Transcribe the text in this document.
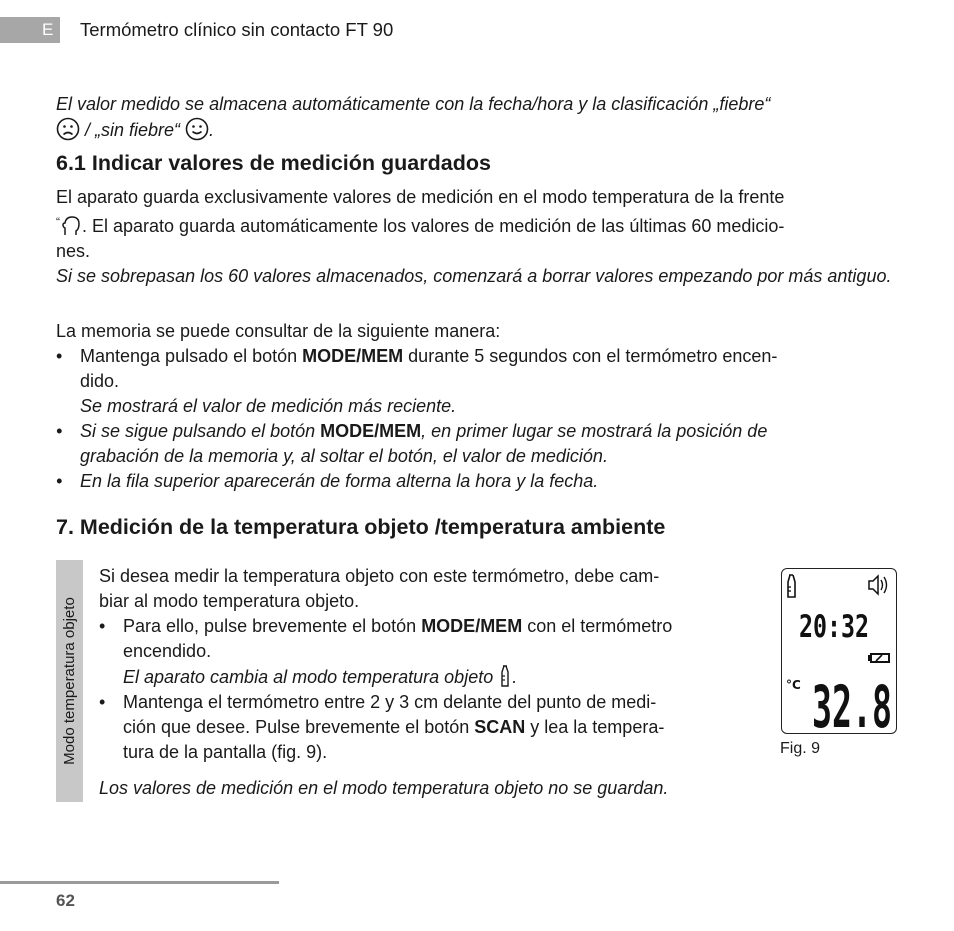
E	Termómetro clínico sin contacto FT 90
El valor medido se almacena automáticamente con la fecha/hora y la clasificación „fiebre“
/ „sin fiebre“ .
6.1 Indicar valores de medición guardados
El aparato guarda exclusivamente valores de medición en el modo temperatura de la frente
“ . El aparato guarda automáticamente los valores de medición de las últimas 60 medicio-
nes.
Si se sobrepasan los 60 valores almacenados, comenzará a borrar valores empezando por más antiguo.
La memoria se puede consultar de la siguiente manera:
• Mantenga pulsado el botón MODE/MEM durante 5 segundos con el termómetro encen-
dido.
Se mostrará el valor de medición más reciente.
• Si se sigue pulsando el botón MODE/MEM, en primer lugar se mostrará la posición de
grabación de la memoria y, al soltar el botón, el valor de medición.
• En la fila superior aparecerán de forma alterna la hora y la fecha.
7. Medición de la temperatura objeto /temperatura ambiente
Modo temperatura objeto
Si desea medir la temperatura objeto con este termómetro, debe cam-
biar al modo temperatura objeto.
• Para ello, pulse brevemente el botón MODE/MEM con el termómetro
encendido.
El aparato cambia al modo temperatura objeto .
• Mantenga el termómetro entre 2 y 3 cm delante del punto de medi-
ción que desee. Pulse brevemente el botón SCAN y lea la tempera-
tura de la pantalla (fig. 9).
Los valores de medición en el modo temperatura objeto no se guardan.
20:32
°C 32.8
Fig. 9
62
